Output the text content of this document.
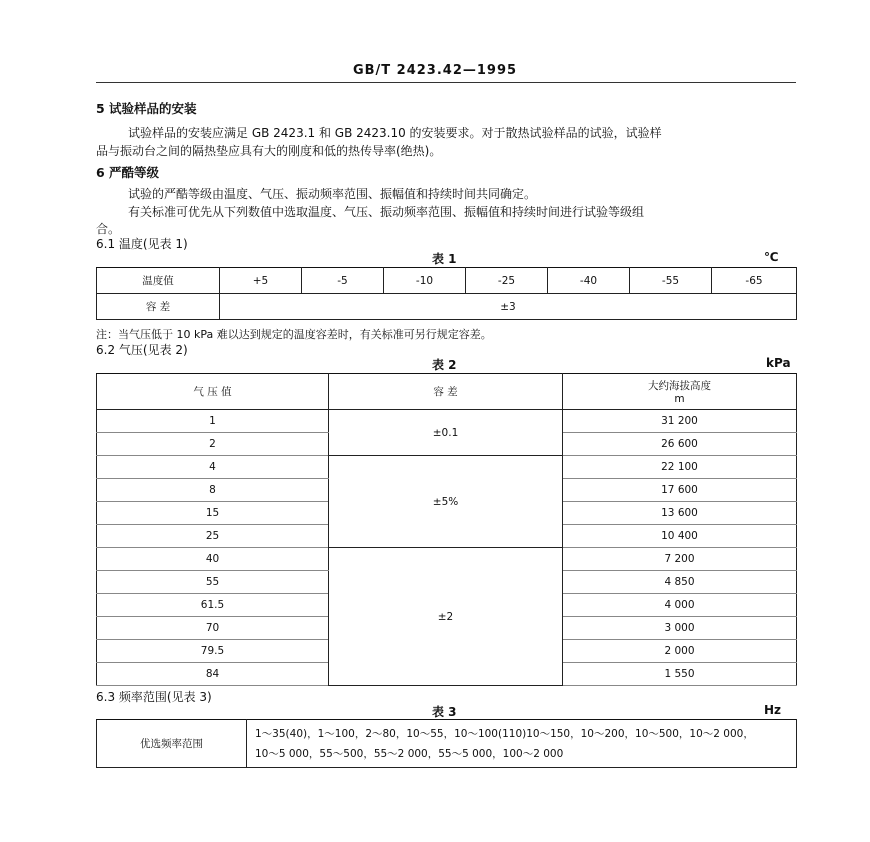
GB/T 2423.42—1995
5 试验样品的安装
试验样品的安装应满足 GB 2423.1 和 GB 2423.10 的安装要求。对于散热试验样品的试验，试验样
品与振动台之间的隔热垫应具有大的刚度和低的热传导率(绝热)。
6 严酷等级
试验的严酷等级由温度、气压、振动频率范围、振幅值和持续时间共同确定。
有关标准可优先从下列数值中选取温度、气压、振动频率范围、振幅值和持续时间进行试验等级组
合。
6.1 温度(见表 1)
表 1	℃
温度值	+5	-5	-10	-25	-40	-55	-65
容 差	±3						
注：当气压低于 10 kPa 难以达到规定的温度容差时，有关标准可另行规定容差。
6.2 气压(见表 2)
表 2	kPa
气 压 值	容 差	大约海拔高度
m

1	±0.1	31 200
2		26 600
4	±5%	22 100
8		17 600
15		13 600
25		10 400
40	±2	7 200
55		4 850
61.5		4 000
70		3 000
79.5		2 000
84		1 550
6.3 频率范围(见表 3)
表 3	Hz
优选频率范围	
1～35(40)，1～100，2～80，10～55，10～100(110)10～150，10～200，10～500，10～2 000，
10～5 000，55～500，55～2 000，55～5 000，100～2 000
